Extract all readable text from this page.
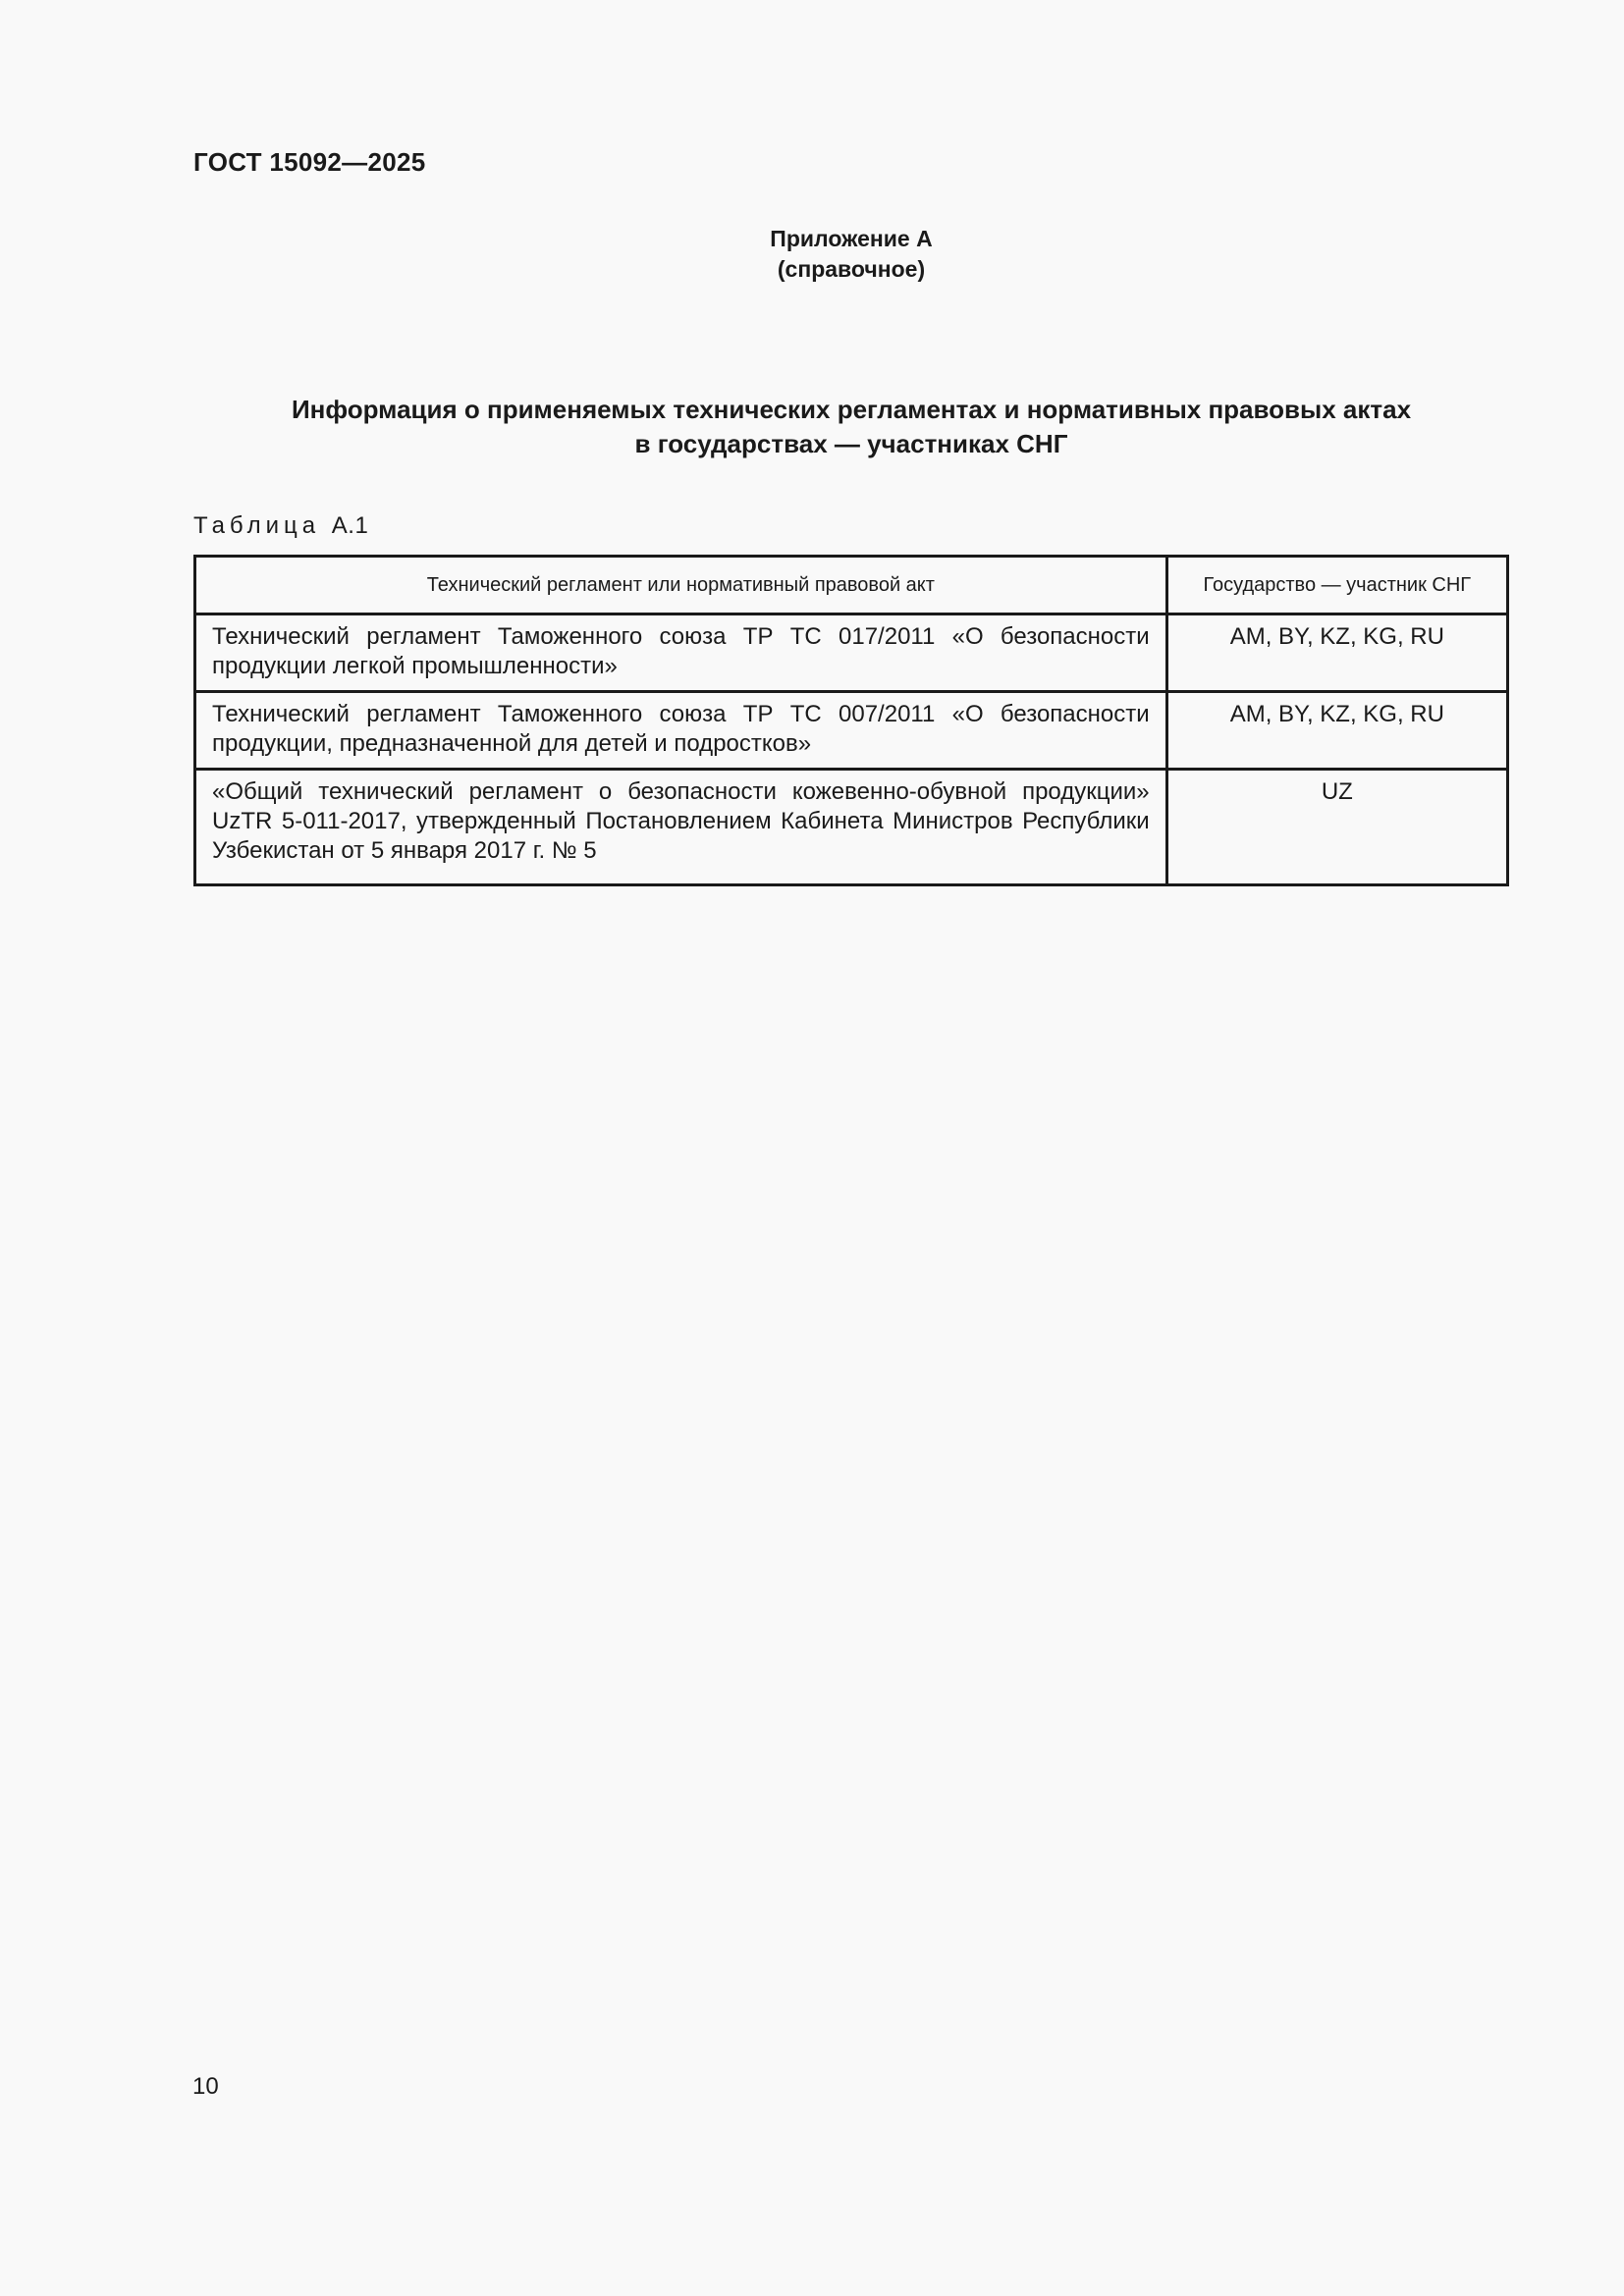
ГОСТ 15092—2025
Приложение А
(справочное)
Информация о применяемых технических регламентах и нормативных правовых актах
в государствах — участниках СНГ
Таблица А.1
Технический регламент или нормативный правовой акт	Государство — участник СНГ
Технический регламент Таможенного союза ТР ТС 017/2011 «О безопасности продукции легкой промышленности»	AM, BY, KZ, KG, RU
Технический регламент Таможенного союза ТР ТС 007/2011 «О безопасности продукции, предназначенной для детей и подростков»	AM, BY, KZ, KG, RU
«Общий технический регламент о безопасности кожевенно-обувной продукции» UzTR 5-011-2017, утвержденный Постановлением Кабинета Министров Республики Узбекистан от 5 января 2017 г. № 5	UZ
10
